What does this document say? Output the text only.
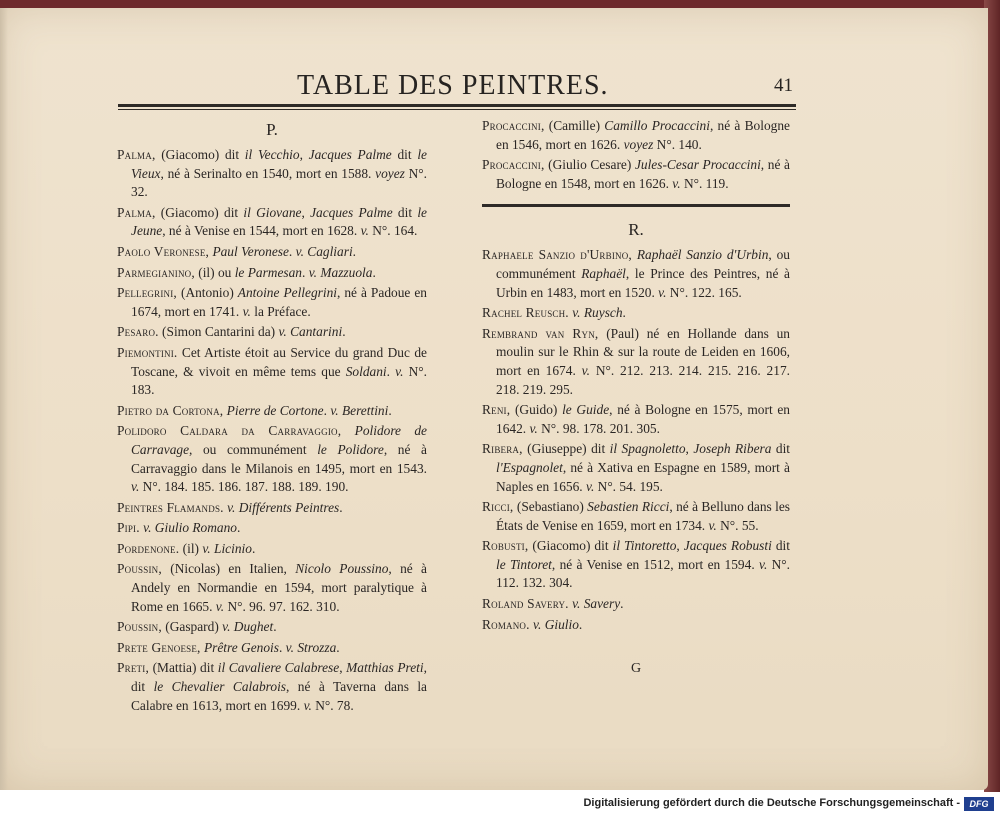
TABLE DES PEINTRES.	41
P.
Palma, (Giacomo) dit il Vecchio, Jacques Palme dit le Vieux, né à Serinalto en 1540, mort en 1588. voyez N°. 32.
Palma, (Giacomo) dit il Giovane, Jacques Palme dit le Jeune, né à Venise en 1544, mort en 1628. v. N°. 164.
Paolo Veronese, Paul Veronese. v. Cagliari.
Parmegianino, (il) ou le Parmesan. v. Mazzuola.
Pellegrini, (Antonio) Antoine Pellegrini, né à Padoue en 1674, mort en 1741. v. la Préface.
Pesaro. (Simon Cantarini da) v. Cantarini.
Piemontini. Cet Artiste étoit au Service du grand Duc de Toscane, & vivoit en même tems que Soldani. v. N°. 183.
Pietro da Cortona, Pierre de Cortone. v. Berettini.
Polidoro Caldara da Carravaggio, Polidore de Carravage, ou communément le Polidore, né à Carravaggio dans le Milanois en 1495, mort en 1543. v. N°. 184. 185. 186. 187. 188. 189. 190.
Peintres Flamands. v. Différents Peintres.
Pipi. v. Giulio Romano.
Pordenone. (il) v. Licinio.
Poussin, (Nicolas) en Italien, Nicolo Poussino, né à Andely en Normandie en 1594, mort paralytique à Rome en 1665. v. N°. 96. 97. 162. 310.
Poussin, (Gaspard) v. Dughet.
Prete Genoese, Prêtre Genois. v. Strozza.
Preti, (Mattia) dit il Cavaliere Calabrese, Matthias Preti, dit le Chevalier Calabrois, né à Taverna dans la Calabre en 1613, mort en 1699. v. N°. 78.
Procaccini, (Camille) Camillo Procaccini, né à Bologne en 1546, mort en 1626. voyez N°. 140.
Procaccini, (Giulio Cesare) Jules-Cesar Procaccini, né à Bologne en 1548, mort en 1626. v. N°. 119.
R.
Raphaele Sanzio d'Urbino, Raphaël Sanzio d'Urbin, ou communément Raphaël, le Prince des Peintres, né à Urbin en 1483, mort en 1520. v. N°. 122. 165.
Rachel Reusch. v. Ruysch.
Rembrand van Ryn, (Paul) né en Hollande dans un moulin sur le Rhin & sur la route de Leiden en 1606, mort en 1674. v. N°. 212. 213. 214. 215. 216. 217. 218. 219. 295.
Reni, (Guido) le Guide, né à Bologne en 1575, mort en 1642. v. N°. 98. 178. 201. 305.
Ribera, (Giuseppe) dit il Spagnoletto, Joseph Ribera dit l'Espagnolet, né à Xativa en Espagne en 1589, mort à Naples en 1656. v. N°. 54. 195.
Ricci, (Sebastiano) Sebastien Ricci, né à Belluno dans les États de Venise en 1659, mort en 1734. v. N°. 55.
Robusti, (Giacomo) dit il Tintoretto, Jacques Robusti dit le Tintoret, né à Venise en 1512, mort en 1594. v. N°. 112. 132. 304.
Roland Savery. v. Savery.
Romano. v. Giulio.
G
Digitalisierung gefördert durch die Deutsche Forschungsgemeinschaft -	DFG
